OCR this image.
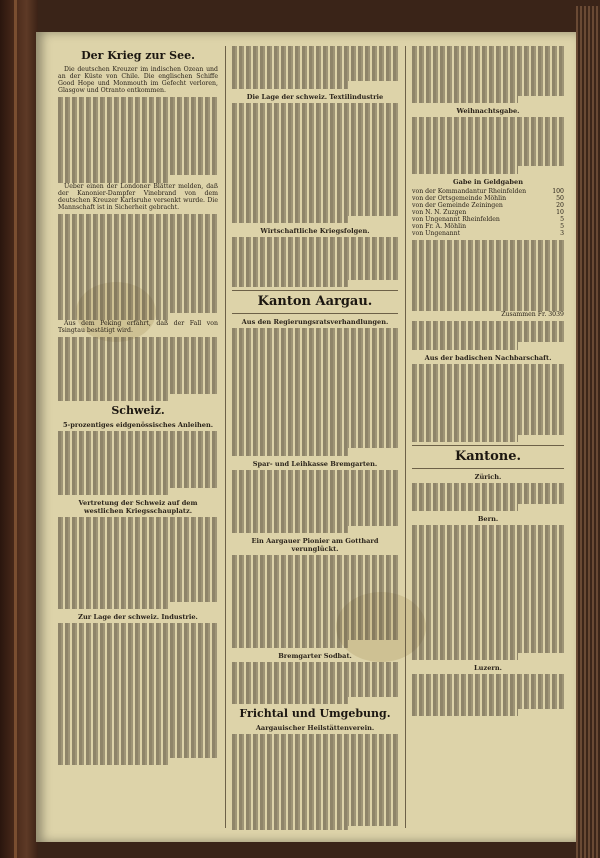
Der Krieg zur See.

Die deutschen Kreuzer im indischen Ozean und an der Küste von Chile. Die englischen Schiffe Good Hope und Monmouth im Gefecht verloren, Glasgow und Otranto entkommen.

Ueber einen der Londoner Blätter melden, daß der Kanonier-Dampfer Vinebrand von dem deutschen Kreuzer Karlsruhe versenkt wurde. Die Mannschaft ist in Sicherheit gebracht.

Aus dem Peking erfährt, daß der Fall von Tsingtau bestätigt wird.

Schweiz.
5-prozentiges eidgenössisches Anleihen.
Vertretung der Schweiz auf dem westlichen Kriegsschauplatz.
Zur Lage der schweiz. Industrie.
Die Lage der schweiz. Textilindustrie
Wirtschaftliche Kriegsfolgen.
Kanton Aargau.
Aus den Regierungsratsverhandlungen.
Spar- und Leihkasse Bremgarten.
Ein Aargauer Pionier am Gotthard verunglückt.
Bremgarter Sodbat.
Frichtal und Umgebung.
Aargauischer Heilstättenverein.
Weihnachtsgabe.
Gabe in Geldgaben
von der Kommandantur Rheinfelden	100
von der Ortsgemeinde Möhlin	50
von der Gemeinde Zeiningen	20
von N. N. Zuzgen	10
von Ungenannt Rheinfelden	5
von Fr. A. Möhlin	5
von Ungenannt	3

Zusammen Fr. 3039

Aus der badischen Nachbarschaft.
Kantone.
Zürich.
Bern.
Luzern.
